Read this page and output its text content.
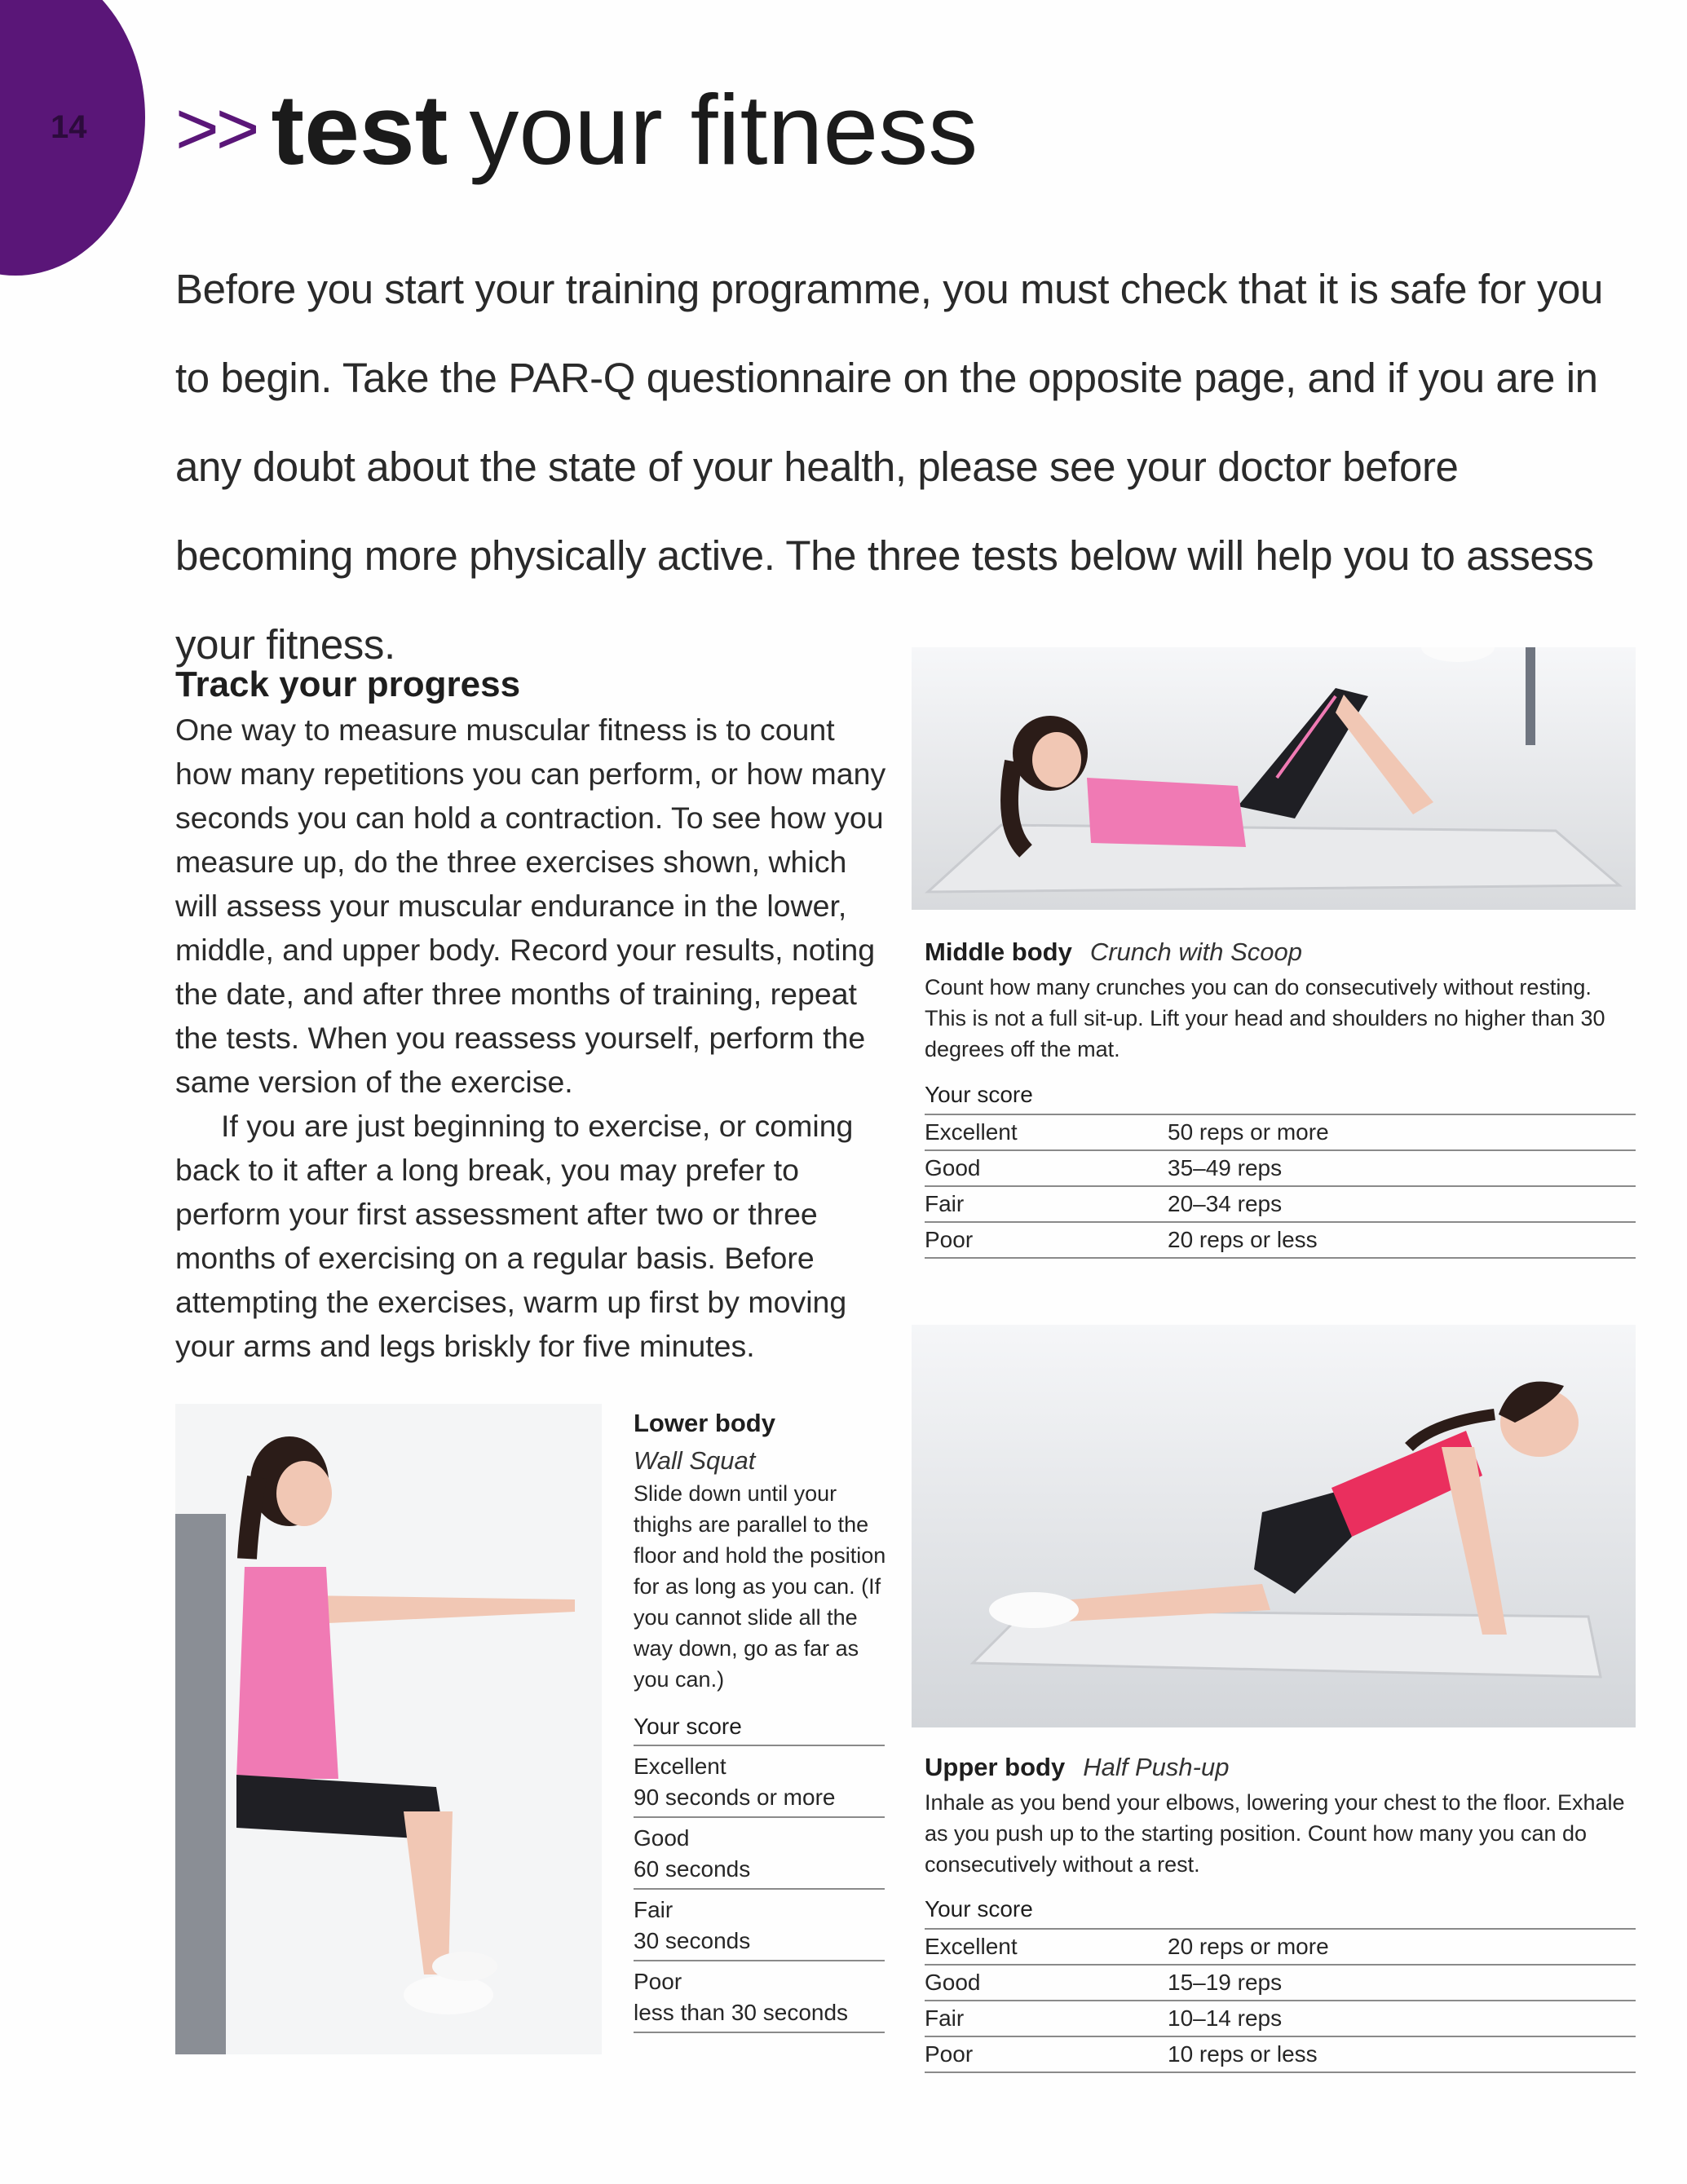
14 >> test your fitness
Before you start your training programme, you must check that it is safe for you to begin. Take the PAR-Q questionnaire on the opposite page, and if you are in any doubt about the state of your health, please see your doctor before becoming more physically active. The three tests below will help you to assess your fitness.
Track your progress

One way to measure muscular fitness is to count how many repetitions you can perform, or how many seconds you can hold a contraction. To see how you measure up, do the three exercises shown, which will assess your muscular endurance in the lower, middle, and upper body. Record your results, noting the date, and after three months of training, repeat the tests. When you reassess yourself, perform the same version of the exercise.

If you are just beginning to exercise, or coming back to it after a long break, you may prefer to perform your first assessment after two or three months of exercising on a regular basis. Before attempting the exercises, warm up first by moving your arms and legs briskly for five minutes.

Middle body Crunch with Scoop
Count how many crunches you can do consecutively without resting. This is not a full sit-up. Lift your head and shoulders no higher than 30 degrees off the mat.
Your score
Excellent	50 reps or more
Good	35–49 reps
Fair	20–34 reps
Poor	20 reps or less
Upper body Half Push-up
Inhale as you bend your elbows, lowering your chest to the floor. Exhale as you push up to the starting position. Count how many you can do consecutively without a rest.
Your score
Excellent	20 reps or more
Good	15–19 reps
Fair	10–14 reps
Poor	10 reps or less
Lower body
Wall Squat
Slide down until your thighs are parallel to the floor and hold the position for as long as you can. (If you cannot slide all the way down, go as far as you can.)
Your score
Excellent
90 seconds or more
Good
60 seconds
Fair
30 seconds
Poor
less than 30 seconds
